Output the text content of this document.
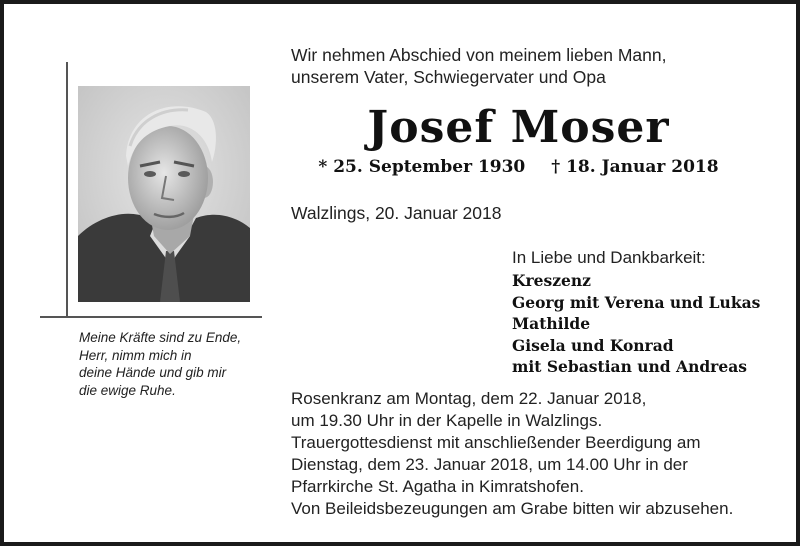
Meine Kräfte sind zu Ende,
Herr, nimm mich in
deine Hände und gib mir
die ewige Ruhe.
Wir nehmen Abschied von meinem lieben Mann,
unserem Vater, Schwiegervater und Opa
Josef Moser
* 25. September 1930 † 18. Januar 2018
Walzlings, 20. Januar 2018
In Liebe und Dankbarkeit:
Kreszenz
Georg mit Verena und Lukas
Mathilde
Gisela und Konrad
mit Sebastian und Andreas
Rosenkranz am Montag, dem 22. Januar 2018,
um 19.30 Uhr in der Kapelle in Walzlings.
Trauergottesdienst mit anschließender Beerdigung am
Dienstag, dem 23. Januar 2018, um 14.00 Uhr in der
Pfarrkirche St. Agatha in Kimratshofen.
Von Beileidsbezeugungen am Grabe bitten wir abzusehen.
